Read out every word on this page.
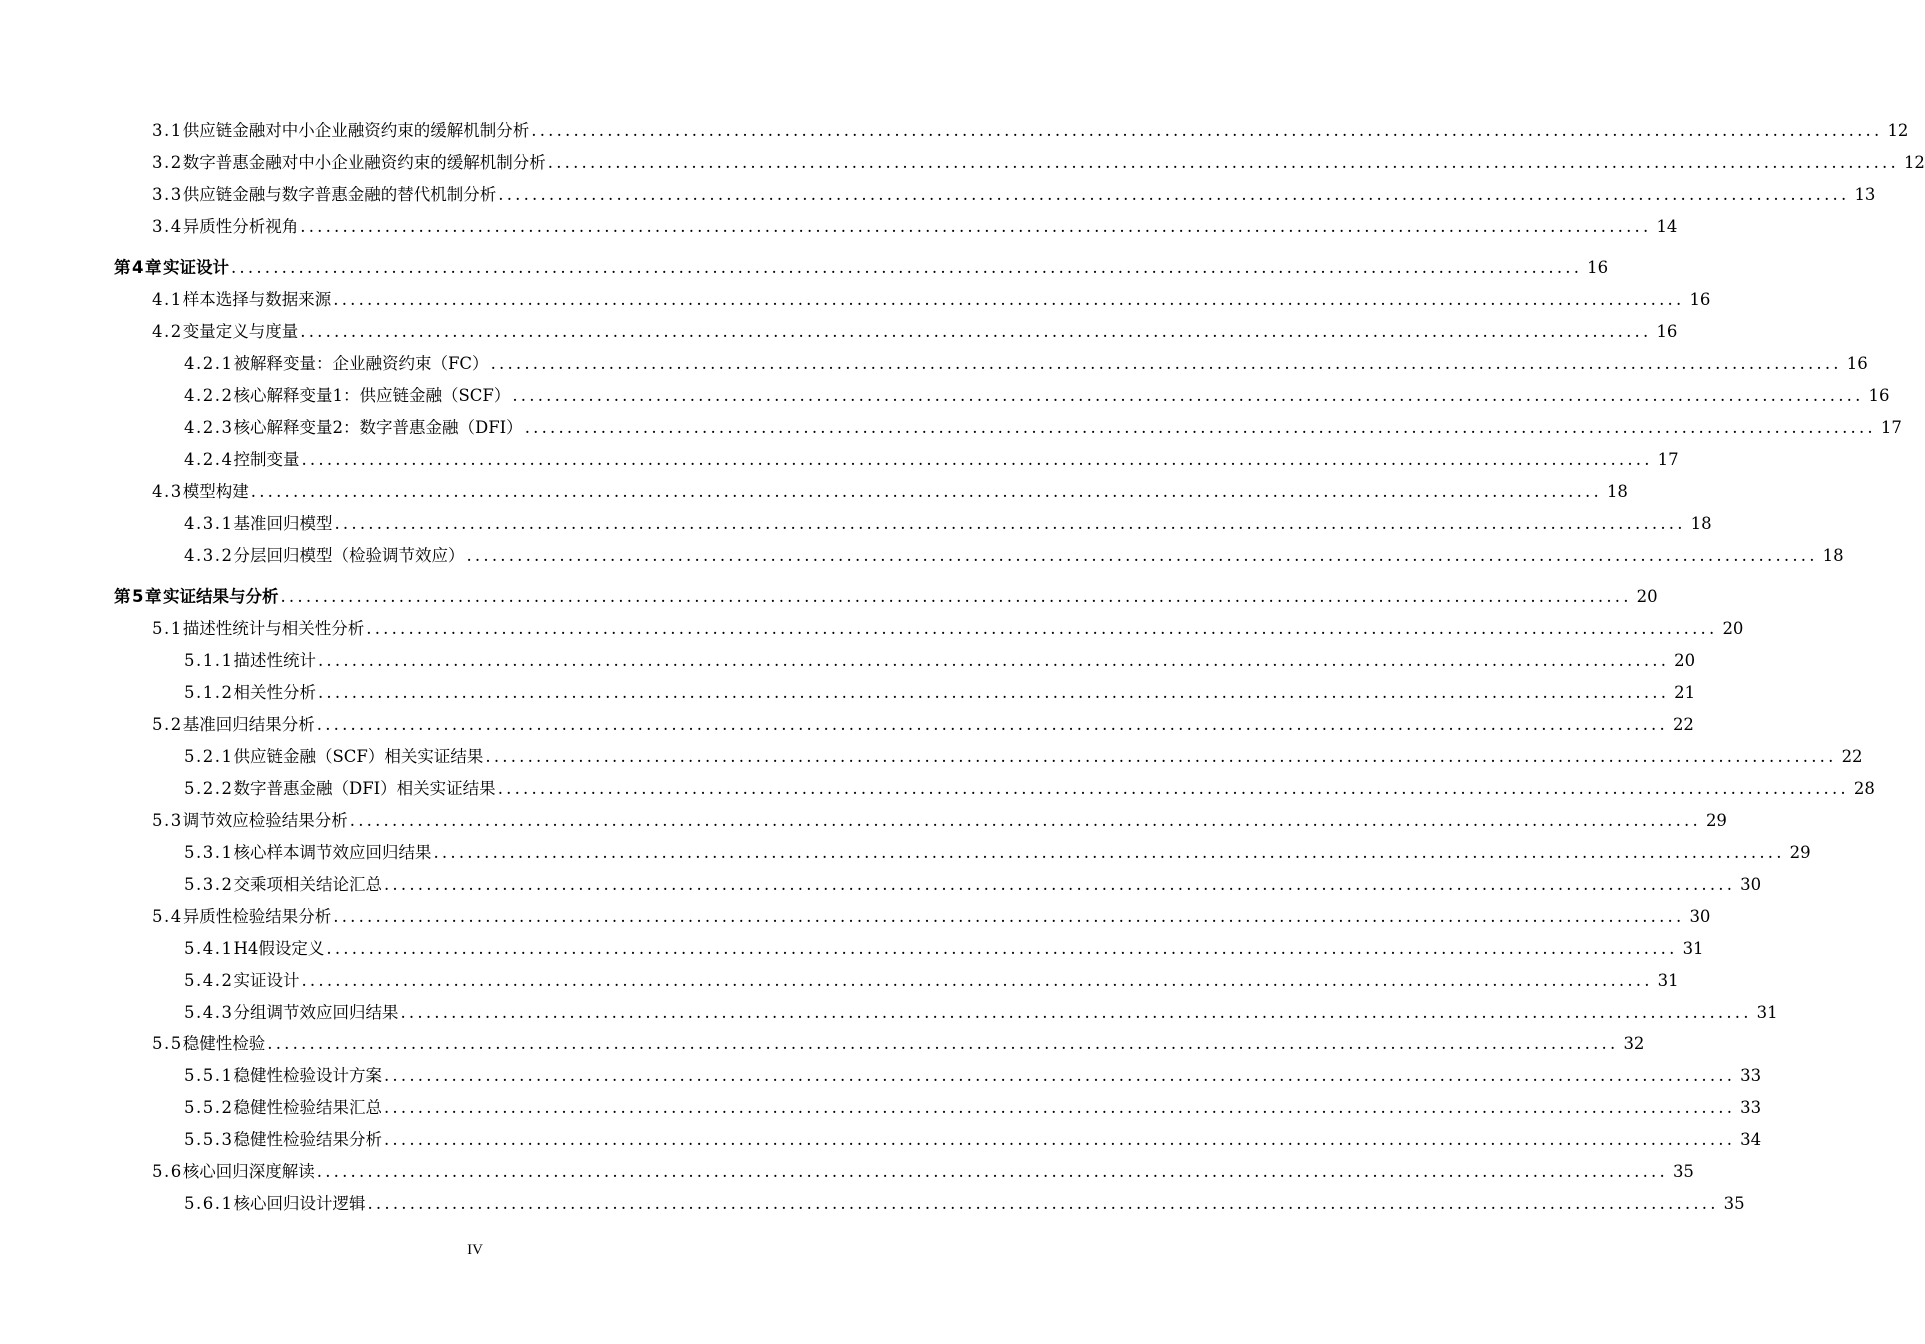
3.1 供应链金融对中小企业融资约束的缓解机制分析 ................................................................................................................................................................ 12
3.2 数字普惠金融对中小企业融资约束的缓解机制分析 ................................................................................................................................................................ 12
3.3 供应链金融与数字普惠金融的替代机制分析 ................................................................................................................................................................ 13
3.4 异质性分析视角 ................................................................................................................................................................ 14
第4章 实证设计 ................................................................................................................................................................ 16
4.1 样本选择与数据来源 ................................................................................................................................................................ 16
4.2 变量定义与度量 ................................................................................................................................................................ 16
4.2.1 被解释变量：企业融资约束（FC） ................................................................................................................................................................ 16
4.2.2 核心解释变量1：供应链金融（SCF） ................................................................................................................................................................ 16
4.2.3 核心解释变量2：数字普惠金融（DFI） ................................................................................................................................................................ 17
4.2.4 控制变量 ................................................................................................................................................................ 17
4.3 模型构建 ................................................................................................................................................................ 18
4.3.1 基准回归模型 ................................................................................................................................................................ 18
4.3.2 分层回归模型（检验调节效应） ................................................................................................................................................................ 18
第5章 实证结果与分析 ................................................................................................................................................................ 20
5.1 描述性统计与相关性分析 ................................................................................................................................................................ 20
5.1.1 描述性统计 ................................................................................................................................................................ 20
5.1.2 相关性分析 ................................................................................................................................................................ 21
5.2 基准回归结果分析 ................................................................................................................................................................ 22
5.2.1 供应链金融（SCF）相关实证结果 ................................................................................................................................................................ 22
5.2.2 数字普惠金融（DFI）相关实证结果 ................................................................................................................................................................ 28
5.3 调节效应检验结果分析 ................................................................................................................................................................ 29
5.3.1 核心样本调节效应回归结果 ................................................................................................................................................................ 29
5.3.2 交乘项相关结论汇总 ................................................................................................................................................................ 30
5.4 异质性检验结果分析 ................................................................................................................................................................ 30
5.4.1 H4假设定义 ................................................................................................................................................................ 31
5.4.2 实证设计 ................................................................................................................................................................ 31
5.4.3 分组调节效应回归结果 ................................................................................................................................................................ 31
5.5 稳健性检验 ................................................................................................................................................................ 32
5.5.1 稳健性检验设计方案 ................................................................................................................................................................ 33
5.5.2 稳健性检验结果汇总 ................................................................................................................................................................ 33
5.5.3 稳健性检验结果分析 ................................................................................................................................................................ 34
5.6 核心回归深度解读 ................................................................................................................................................................ 35
5.6.1 核心回归设计逻辑 ................................................................................................................................................................ 35
IV
